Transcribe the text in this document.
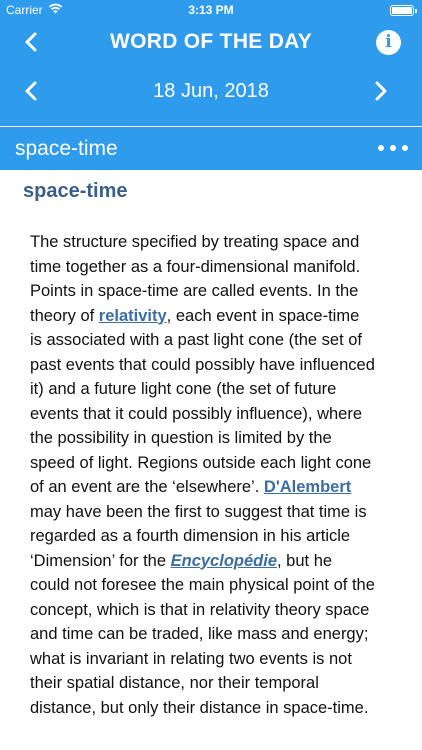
Carrier	3:13 PM
WORD OF THE DAY	i
18 Jun, 2018
space-time
space-time

The structure specified by treating space and time together as a four-dimensional manifold. Points in space-time are called events. In the theory of relativity, each event in space-time is associated with a past light cone (the set of past events that could possibly have influenced it) and a future light cone (the set of future events that it could possibly influence), where the possibility in question is limited by the speed of light. Regions outside each light cone of an event are the ‘elsewhere’. D'Alembert may have been the first to suggest that time is regarded as a fourth dimension in his article ‘Dimension’ for the Encyclopédie, but he could not foresee the main physical point of the concept, which is that in relativity theory space and time can be traded, like mass and energy; what is invariant in relating two events is not their spatial distance, nor their temporal distance, but only their distance in space-time.
